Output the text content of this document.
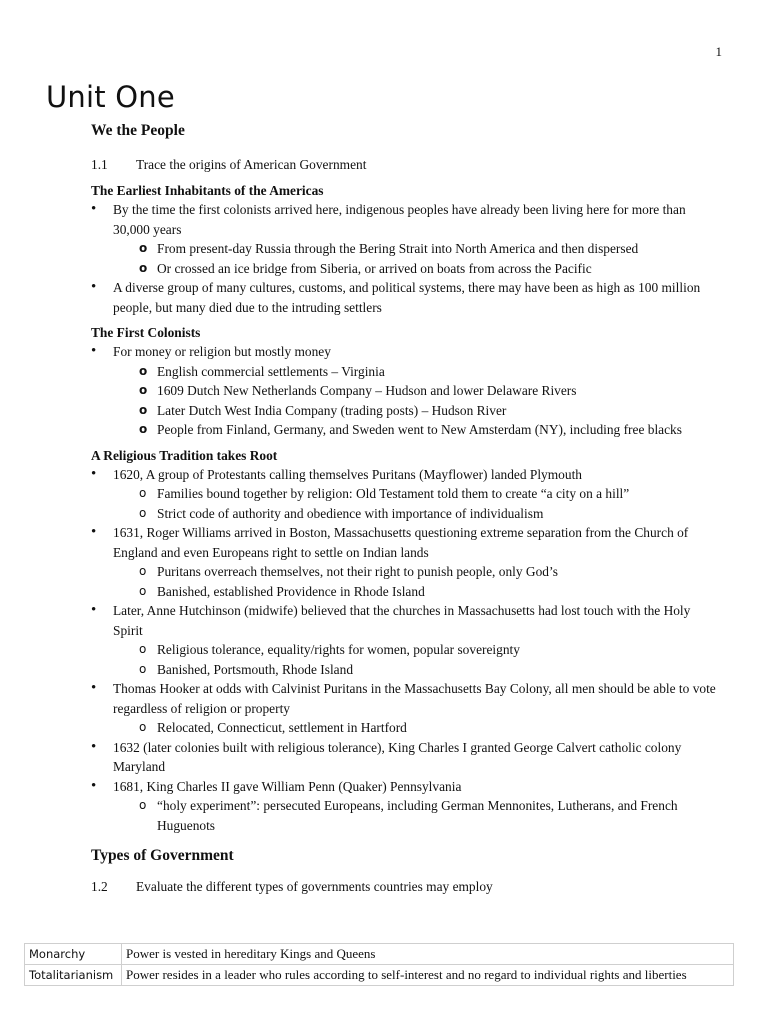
1
Unit One
We the People
1.1	Trace the origins of American Government
The Earliest Inhabitants of the Americas
• By the time the first colonists arrived here, indigenous peoples have already been living here for more than 30,000 years
o From present-day Russia through the Bering Strait into North America and then dispersed
o Or crossed an ice bridge from Siberia, or arrived on boats from across the Pacific
• A diverse group of many cultures, customs, and political systems, there may have been as high as 100 million people, but many died due to the intruding settlers
The First Colonists
• For money or religion but mostly money
o English commercial settlements – Virginia
o 1609 Dutch New Netherlands Company – Hudson and lower Delaware Rivers
o Later Dutch West India Company (trading posts) – Hudson River
o People from Finland, Germany, and Sweden went to New Amsterdam (NY), including free blacks
A Religious Tradition takes Root
• 1620, A group of Protestants calling themselves Puritans (Mayflower) landed Plymouth
o Families bound together by religion: Old Testament told them to create “a city on a hill”
o Strict code of authority and obedience with importance of individualism
• 1631, Roger Williams arrived in Boston, Massachusetts questioning extreme separation from the Church of England and even Europeans right to settle on Indian lands
o Puritans overreach themselves, not their right to punish people, only God’s
o Banished, established Providence in Rhode Island
• Later, Anne Hutchinson (midwife) believed that the churches in Massachusetts had lost touch with the Holy Spirit
o Religious tolerance, equality/rights for women, popular sovereignty
o Banished, Portsmouth, Rhode Island
• Thomas Hooker at odds with Calvinist Puritans in the Massachusetts Bay Colony, all men should be able to vote regardless of religion or property
o Relocated, Connecticut, settlement in Hartford
• 1632 (later colonies built with religious tolerance), King Charles I granted George Calvert catholic colony Maryland
• 1681, King Charles II gave William Penn (Quaker) Pennsylvania
o “holy experiment”: persecuted Europeans, including German Mennonites, Lutherans, and French Huguenots
Types of Government
1.2	Evaluate the different types of governments countries may employ
Monarchy	Power is vested in hereditary Kings and Queens
Totalitarianism	Power resides in a leader who rules according to self-interest and no regard to individual rights and liberties
